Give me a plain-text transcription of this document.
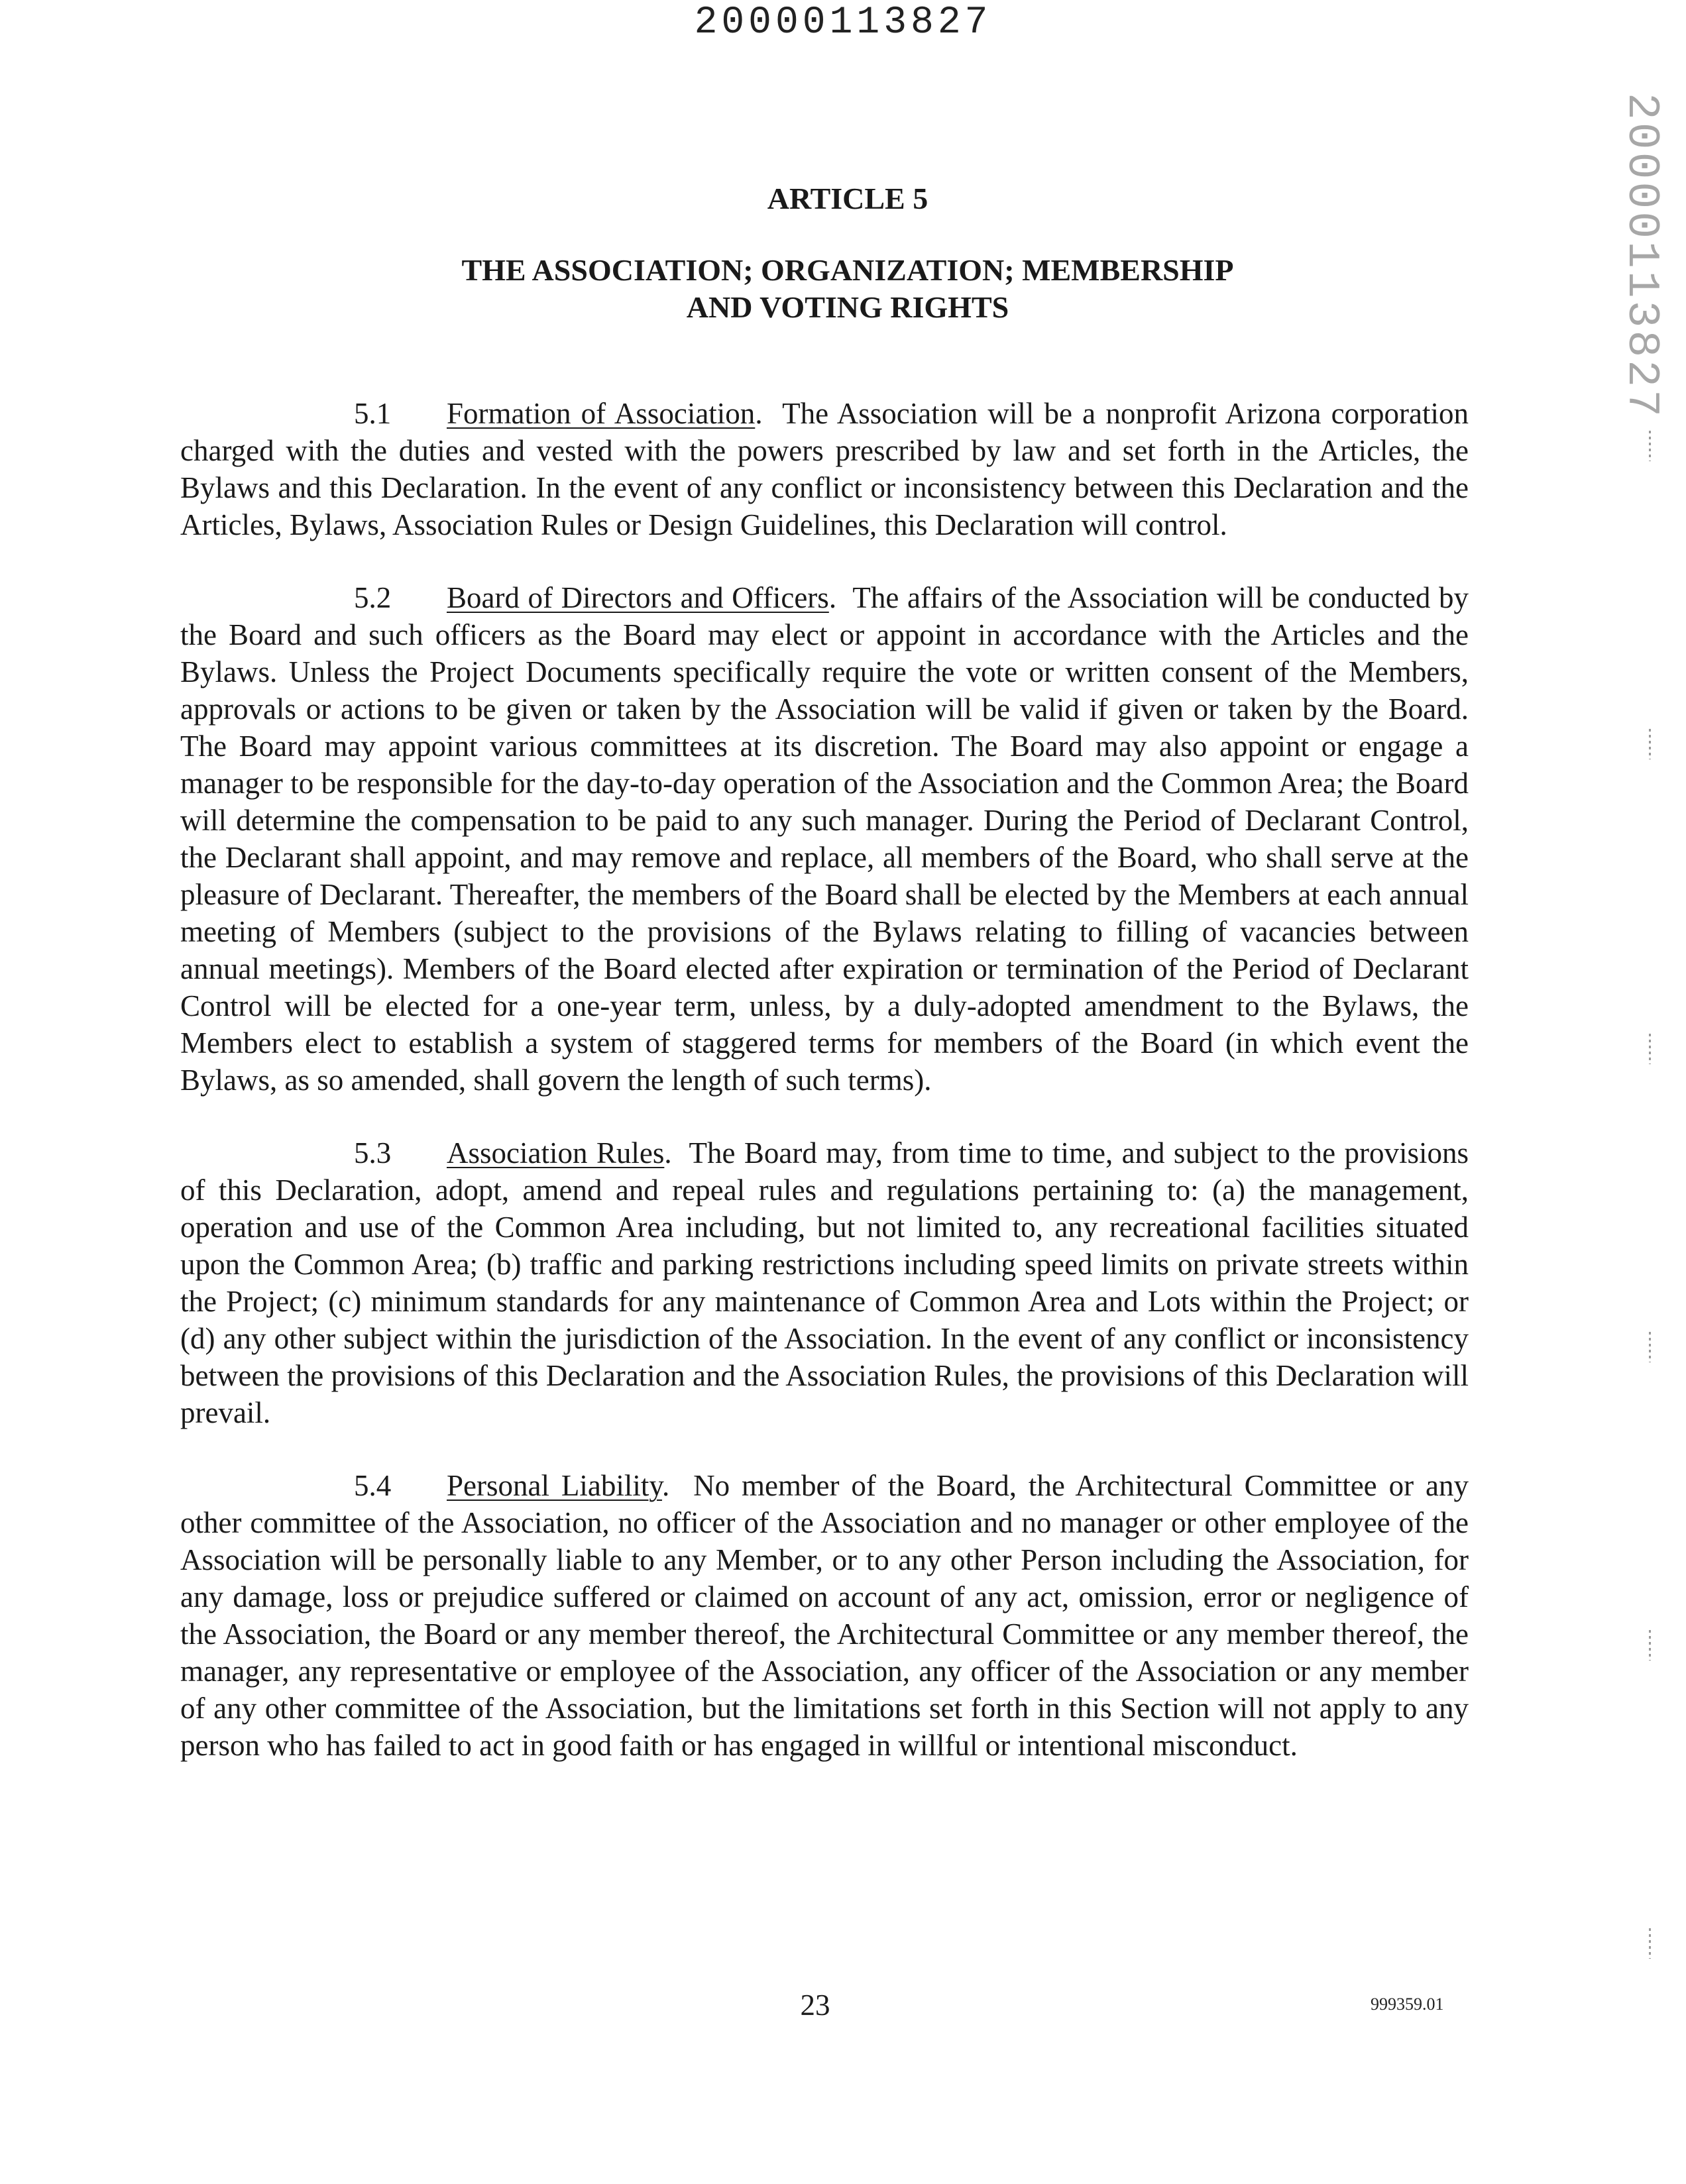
20000113827
20000113827

ARTICLE 5

THE ASSOCIATION; ORGANIZATION; MEMBERSHIP
AND VOTING RIGHTS

5.1 Formation of Association.  The Association will be a nonprofit Arizona corporation charged with the duties and vested with the powers prescribed by law and set forth in the Articles, the Bylaws and this Declaration. In the event of any conflict or inconsistency between this Declaration and the Articles, Bylaws, Association Rules or Design Guidelines, this Declaration will control.

5.2 Board of Directors and Officers.  The affairs of the Association will be conducted by the Board and such officers as the Board may elect or appoint in accordance with the Articles and the Bylaws. Unless the Project Documents specifically require the vote or written consent of the Members, approvals or actions to be given or taken by the Association will be valid if given or taken by the Board. The Board may appoint various committees at its discretion. The Board may also appoint or engage a manager to be responsible for the day-to-day operation of the Association and the Common Area; the Board will determine the compensation to be paid to any such manager. During the Period of Declarant Control, the Declarant shall appoint, and may remove and replace, all members of the Board, who shall serve at the pleasure of Declarant. Thereafter, the members of the Board shall be elected by the Members at each annual meeting of Members (subject to the provisions of the Bylaws relating to filling of vacancies between annual meetings). Members of the Board elected after expiration or termination of the Period of Declarant Control will be elected for a one-year term, unless, by a duly-adopted amendment to the Bylaws, the Members elect to establish a system of staggered terms for members of the Board (in which event the Bylaws, as so amended, shall govern the length of such terms).

5.3 Association Rules.  The Board may, from time to time, and subject to the provisions of this Declaration, adopt, amend and repeal rules and regulations pertaining to: (a) the management, operation and use of the Common Area including, but not limited to, any recreational facilities situated upon the Common Area; (b) traffic and parking restrictions including speed limits on private streets within the Project; (c) minimum standards for any maintenance of Common Area and Lots within the Project; or (d) any other subject within the jurisdiction of the Association. In the event of any conflict or inconsistency between the provisions of this Declaration and the Association Rules, the provisions of this Declaration will prevail.

5.4 Personal Liability.  No member of the Board, the Architectural Committee or any other committee of the Association, no officer of the Association and no manager or other employee of the Association will be personally liable to any Member, or to any other Person including the Association, for any damage, loss or prejudice suffered or claimed on account of any act, omission, error or negligence of the Association, the Board or any member thereof, the Architectural Committee or any member thereof, the manager, any representative or employee of the Association, any officer of the Association or any member of any other committee of the Association, but the limitations set forth in this Section will not apply to any person who has failed to act in good faith or has engaged in willful or intentional misconduct.

23	999359.01
